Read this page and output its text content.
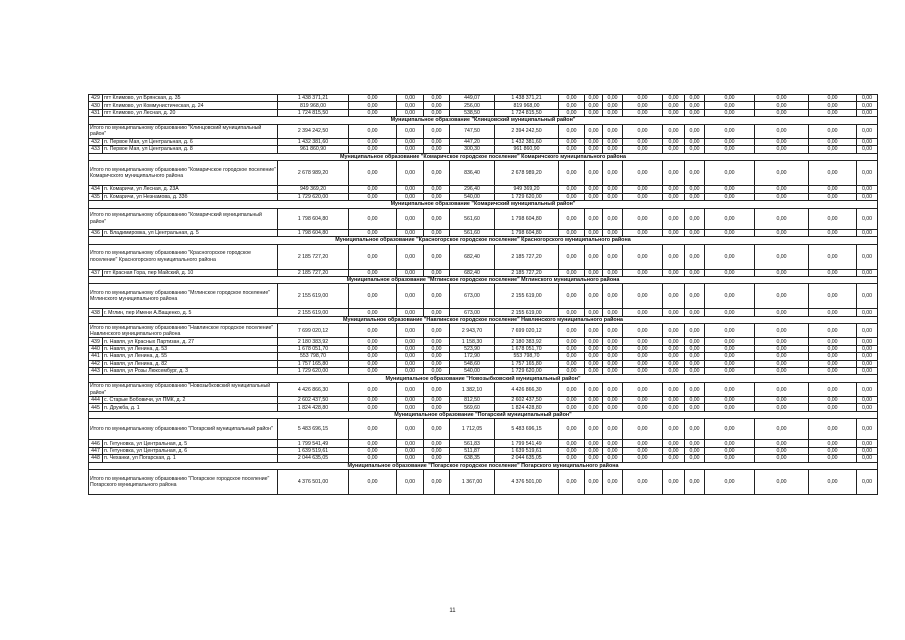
429	пгт Климово, ул Брянская, д. 35	1 438 371,21	0,00	0,00	0,00	449,07	1 438 371,21	0,00	0,00	0,00	0,00	0,00	0,00	0,00	0,00	0,00	0,00
430	пгт Климово, ул Коммунистическая, д. 24	819 968,00	0,00	0,00	0,00	256,00	819 968,00	0,00	0,00	0,00	0,00	0,00	0,00	0,00	0,00	0,00	0,00
431	пгт Климово, ул Лесная, д. 20	1 724 815,50	0,00	0,00	0,00	538,50	1 724 815,50	0,00	0,00	0,00	0,00	0,00	0,00	0,00	0,00	0,00	0,00
Муниципальное образование "Клинцовский муниципальный район"																	
Итого по муниципальному образованию "Клинцовский муниципальный район"		2 394 242,50	0,00	0,00	0,00	747,50	2 394 242,50	0,00	0,00	0,00	0,00	0,00	0,00	0,00	0,00	0,00	0,00
432	п. Первое Мая, ул Центральная, д. 6	1 432 381,60	0,00	0,00	0,00	447,20	1 432 381,60	0,00	0,00	0,00	0,00	0,00	0,00	0,00	0,00	0,00	0,00
433	п. Первое Мая, ул Центральная, д. 8	961 860,90	0,00	0,00	0,00	300,30	961 860,90	0,00	0,00	0,00	0,00	0,00	0,00	0,00	0,00	0,00	0,00
Муниципальное образование "Комаричское городское поселение" Комаричского муниципального района																	
Итого по муниципальному образованию "Комаричское городское поселение" Комаричского муниципального района		2 678 989,20	0,00	0,00	0,00	836,40	2 678 989,20	0,00	0,00	0,00	0,00	0,00	0,00	0,00	0,00	0,00	0,00
434	п. Комаричи, ул Лесная, д. 23А	949 369,20	0,00	0,00	0,00	296,40	949 369,20	0,00	0,00	0,00	0,00	0,00	0,00	0,00	0,00	0,00	0,00
435	п. Комаричи, ул Незнамова, д. 33б	1 729 620,00	0,00	0,00	0,00	540,00	1 729 620,00	0,00	0,00	0,00	0,00	0,00	0,00	0,00	0,00	0,00	0,00
Муниципальное образование "Комаричский муниципальный район"																	
Итого по муниципальному образованию "Комаричский муниципальный район"		1 798 604,80	0,00	0,00	0,00	561,60	1 798 604,80	0,00	0,00	0,00	0,00	0,00	0,00	0,00	0,00	0,00	0,00
436	п. Владимировка, ул Центральная, д. 5	1 798 604,80	0,00	0,00	0,00	561,60	1 798 604,80	0,00	0,00	0,00	0,00	0,00	0,00	0,00	0,00	0,00	0,00
Муниципальное образование "Красногорское городское поселение" Красногорского муниципального района																	
Итого по муниципальному образованию "Красногорское городское поселение" Красногорского муниципального района		2 185 727,20	0,00	0,00	0,00	682,40	2 185 727,20	0,00	0,00	0,00	0,00	0,00	0,00	0,00	0,00	0,00	0,00
437	пгт Красная Гора, пер Майский, д. 10	2 185 727,20	0,00	0,00	0,00	682,40	2 185 727,20	0,00	0,00	0,00	0,00	0,00	0,00	0,00	0,00	0,00	0,00
Муниципальное образование "Мглинское городское поселение" Мглинского муниципального района																	
Итого по муниципальному образованию "Мглинское городское поселение" Мглинского муниципального района		2 155 619,00	0,00	0,00	0,00	673,00	2 155 619,00	0,00	0,00	0,00	0,00	0,00	0,00	0,00	0,00	0,00	0,00
438	г. Мглин, пер Имени А.Ващенко, д. 5	2 155 619,00	0,00	0,00	0,00	673,00	2 155 619,00	0,00	0,00	0,00	0,00	0,00	0,00	0,00	0,00	0,00	0,00
Муниципальное образование "Навлинское городское поселение" Навлинского муниципального района																	
Итого по муниципальному образованию "Навлинское городское поселение" Навлинского муниципального района		7 699 020,12	0,00	0,00	0,00	2 943,70	7 699 020,12	0,00	0,00	0,00	0,00	0,00	0,00	0,00	0,00	0,00	0,00
439	п. Навля, ул Красных Партизан, д. 27	2 180 383,92	0,00	0,00	0,00	1 158,30	2 180 383,92	0,00	0,00	0,00	0,00	0,00	0,00	0,00	0,00	0,00	0,00
440	п. Навля, ул Ленина, д. 53	1 678 051,70	0,00	0,00	0,00	523,90	1 678 051,70	0,00	0,00	0,00	0,00	0,00	0,00	0,00	0,00	0,00	0,00
441	п. Навля, ул Ленина, д. 55	553 798,70	0,00	0,00	0,00	172,90	553 798,70	0,00	0,00	0,00	0,00	0,00	0,00	0,00	0,00	0,00	0,00
442	п. Навля, ул Ленина, д. 82	1 757 165,80	0,00	0,00	0,00	548,60	1 757 165,80	0,00	0,00	0,00	0,00	0,00	0,00	0,00	0,00	0,00	0,00
443	п. Навля, ул Розы Люксембург, д. 3	1 729 620,00	0,00	0,00	0,00	540,00	1 729 620,00	0,00	0,00	0,00	0,00	0,00	0,00	0,00	0,00	0,00	0,00
Муниципальное образование "Новозыбковский муниципальный район"																	
Итого по муниципальному образованию "Новозыбковский муниципальный район"		4 426 866,30	0,00	0,00	0,00	1 382,10	4 426 866,30	0,00	0,00	0,00	0,00	0,00	0,00	0,00	0,00	0,00	0,00
444	с. Старые Бобовичи, ул ПМК, д. 2	2 602 437,50	0,00	0,00	0,00	812,50	2 602 437,50	0,00	0,00	0,00	0,00	0,00	0,00	0,00	0,00	0,00	0,00
445	п. Дружба, д. 1	1 824 428,80	0,00	0,00	0,00	569,60	1 824 428,80	0,00	0,00	0,00	0,00	0,00	0,00	0,00	0,00	0,00	0,00
Муниципальное образование "Погарский муниципальный район"																	
Итого по муниципальному образованию "Погарский муниципальный район"		5 483 696,15	0,00	0,00	0,00	1 712,05	5 483 696,15	0,00	0,00	0,00	0,00	0,00	0,00	0,00	0,00	0,00	0,00
446	п. Гетуновка, ул Центральная, д. 5	1 799 541,49	0,00	0,00	0,00	561,83	1 799 541,49	0,00	0,00	0,00	0,00	0,00	0,00	0,00	0,00	0,00	0,00
447	п. Гетуновка, ул Центральная, д. 6	1 639 519,61	0,00	0,00	0,00	511,87	1 639 519,61	0,00	0,00	0,00	0,00	0,00	0,00	0,00	0,00	0,00	0,00
448	п. Чеханки, ул Погарская, д. 1	2 044 635,05	0,00	0,00	0,00	638,35	2 044 635,05	0,00	0,00	0,00	0,00	0,00	0,00	0,00	0,00	0,00	0,00
Муниципальное образование "Погарское городское поселение" Погарского муниципального района																	
Итого по муниципальному образованию "Погарское городское поселение" Погарского муниципального района		4 376 501,00	0,00	0,00	0,00	1 367,00	4 376 501,00	0,00	0,00	0,00	0,00	0,00	0,00	0,00	0,00	0,00	0,00
11
